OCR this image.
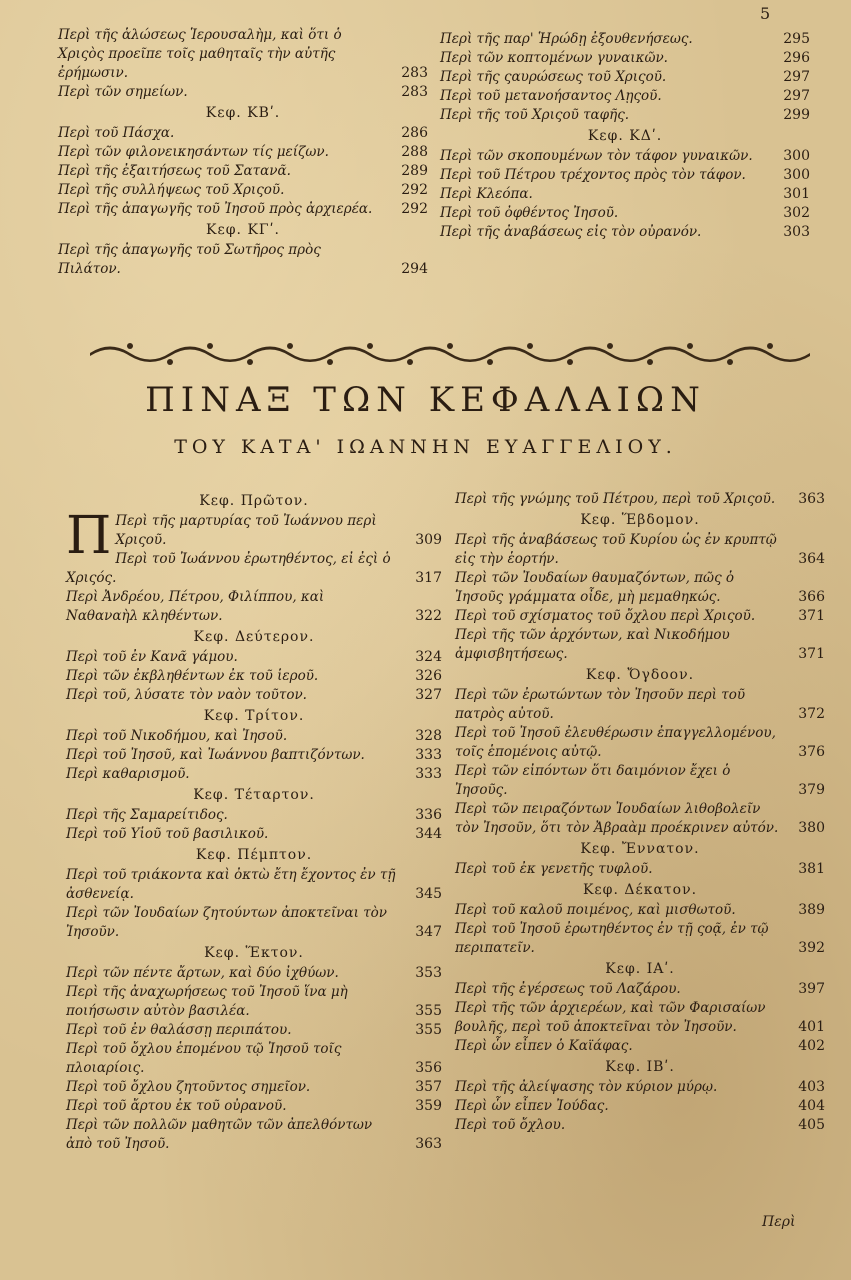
5
Περὶ τῆς ἁλώσεως Ἱερουσαλὴμ, καὶ ὅτι ὁ Χριςὸς προεῖπε τοῖς μαθηταῖς τὴν αὐτῆς ἐρήμωσιν.	283
Περὶ τῶν σημείων.	283
Κεφ. ΚΒʹ.
Περὶ τοῦ Πάσχα.	286
Περὶ τῶν φιλονεικησάντων τίς μείζων.	288
Περὶ τῆς ἐξαιτήσεως τοῦ Σατανᾶ.	289
Περὶ τῆς συλλήψεως τοῦ Χριςοῦ.	292
Περὶ τῆς ἀπαγωγῆς τοῦ Ἰησοῦ πρὸς ἀρχιερέα.	292
Κεφ. ΚΓʹ.
Περὶ τῆς ἀπαγωγῆς τοῦ Σωτῆρος πρὸς Πιλάτον.	294
Περὶ τῆς παρ' Ἡρώδῃ ἐξουθενήσεως.	295
Περὶ τῶν κοπτομένων γυναικῶν.	296
Περὶ τῆς ςαυρώσεως τοῦ Χριςοῦ.	297
Περὶ τοῦ μετανοήσαντος Λῃςοῦ.	297
Περὶ τῆς τοῦ Χριςοῦ ταφῆς.	299
Κεφ. ΚΔʹ.
Περὶ τῶν σκοπουμένων τὸν τάφον γυναικῶν.	300
Περὶ τοῦ Πέτρου τρέχοντος πρὸς τὸν τάφον.	300
Περὶ Κλεόπα.	301
Περὶ τοῦ ὀφθέντος Ἰησοῦ.	302
Περὶ τῆς ἀναβάσεως εἰς τὸν οὐρανόν.	303
ΠΙΝΑΞ ΤΩΝ ΚΕΦΑΛΑΙΩΝ
ΤΟΥ ΚΑΤΑ' ΙΩΑΝΝΗΝ ΕΥΑΓΓΕΛΙΟΥ.
Κεφ. Πρῶτον.
Π Περὶ τῆς μαρτυρίας τοῦ Ἰωάννου περὶ Χριςοῦ.	309
Περὶ τοῦ Ἰωάννου ἐρωτηθέντος, εἰ ἐςὶ ὁ Χριςός.	317
Περὶ Ἀνδρέου, Πέτρου, Φιλίππου, καὶ Ναθαναὴλ κληθέντων.	322
Κεφ. Δεύτερον.
Περὶ τοῦ ἐν Κανᾶ γάμου.	324
Περὶ τῶν ἐκβληθέντων ἐκ τοῦ ἱεροῦ.	326
Περὶ τοῦ, λύσατε τὸν ναὸν τοῦτον.	327
Κεφ. Τρίτον.
Περὶ τοῦ Νικοδήμου, καὶ Ἰησοῦ.	328
Περὶ τοῦ Ἰησοῦ, καὶ Ἰωάννου βαπτιζόντων.	333
Περὶ καθαρισμοῦ.	333
Κεφ. Τέταρτον.
Περὶ τῆς Σαμαρείτιδος.	336
Περὶ τοῦ Υἱοῦ τοῦ βασιλικοῦ.	344
Κεφ. Πέμπτον.
Περὶ τοῦ τριάκοντα καὶ ὀκτὼ ἔτη ἔχοντος ἐν τῇ ἀσθενείᾳ.	345
Περὶ τῶν Ἰουδαίων ζητούντων ἀποκτεῖναι τὸν Ἰησοῦν.	347
Κεφ. Ἕκτον.
Περὶ τῶν πέντε ἄρτων, καὶ δύο ἰχθύων.	353
Περὶ τῆς ἀναχωρήσεως τοῦ Ἰησοῦ ἵνα μὴ ποιήσωσιν αὐτὸν βασιλέα.	355
Περὶ τοῦ ἐν θαλάσσῃ περιπάτου.	355
Περὶ τοῦ ὄχλου ἑπομένου τῷ Ἰησοῦ τοῖς πλοιαρίοις.	356
Περὶ τοῦ ὄχλου ζητοῦντος σημεῖον.	357
Περὶ τοῦ ἄρτου ἐκ τοῦ οὐρανοῦ.	359
Περὶ τῶν πολλῶν μαθητῶν τῶν ἀπελθόντων ἀπὸ τοῦ Ἰησοῦ.	363
Περὶ τῆς γνώμης τοῦ Πέτρου, περὶ τοῦ Χριςοῦ.	363
Κεφ. Ἕβδομον.
Περὶ τῆς ἀναβάσεως τοῦ Κυρίου ὡς ἐν κρυπτῷ εἰς τὴν ἑορτήν.	364
Περὶ τῶν Ἰουδαίων θαυμαζόντων, πῶς ὁ Ἰησοῦς γράμματα οἶδε, μὴ μεμαθηκώς.	366
Περὶ τοῦ σχίσματος τοῦ ὄχλου περὶ Χριςοῦ.	371
Περὶ τῆς τῶν ἀρχόντων, καὶ Νικοδήμου ἀμφισβητήσεως.	371
Κεφ. Ὄγδοον.
Περὶ τῶν ἐρωτώντων τὸν Ἰησοῦν περὶ τοῦ πατρὸς αὐτοῦ.	372
Περὶ τοῦ Ἰησοῦ ἐλευθέρωσιν ἐπαγγελλομένου, τοῖς ἑπομένοις αὐτῷ.	376
Περὶ τῶν εἰπόντων ὅτι δαιμόνιον ἔχει ὁ Ἰησοῦς.	379
Περὶ τῶν πειραζόντων Ἰουδαίων λιθοβολεῖν τὸν Ἰησοῦν, ὅτι τὸν Ἀβραὰμ προέκρινεν αὐτόν.	380
Κεφ. Ἔννατον.
Περὶ τοῦ ἐκ γενετῆς τυφλοῦ.	381
Κεφ. Δέκατον.
Περὶ τοῦ καλοῦ ποιμένος, καὶ μισθωτοῦ.	389
Περὶ τοῦ Ἰησοῦ ἐρωτηθέντος ἐν τῇ ςοᾷ, ἐν τῷ περιπατεῖν.	392
Κεφ. ΙΑʹ.
Περὶ τῆς ἐγέρσεως τοῦ Λαζάρου.	397
Περὶ τῆς τῶν ἀρχιερέων, καὶ τῶν Φαρισαίων βουλῆς, περὶ τοῦ ἀποκτεῖναι τὸν Ἰησοῦν.	401
Περὶ ὧν εἶπεν ὁ Καϊάφας.	402
Κεφ. ΙΒʹ.
Περὶ τῆς ἀλείψασης τὸν κύριον μύρῳ.	403
Περὶ ὧν εἶπεν Ἰούδας.	404
Περὶ τοῦ ὄχλου.	405
Περὶ
